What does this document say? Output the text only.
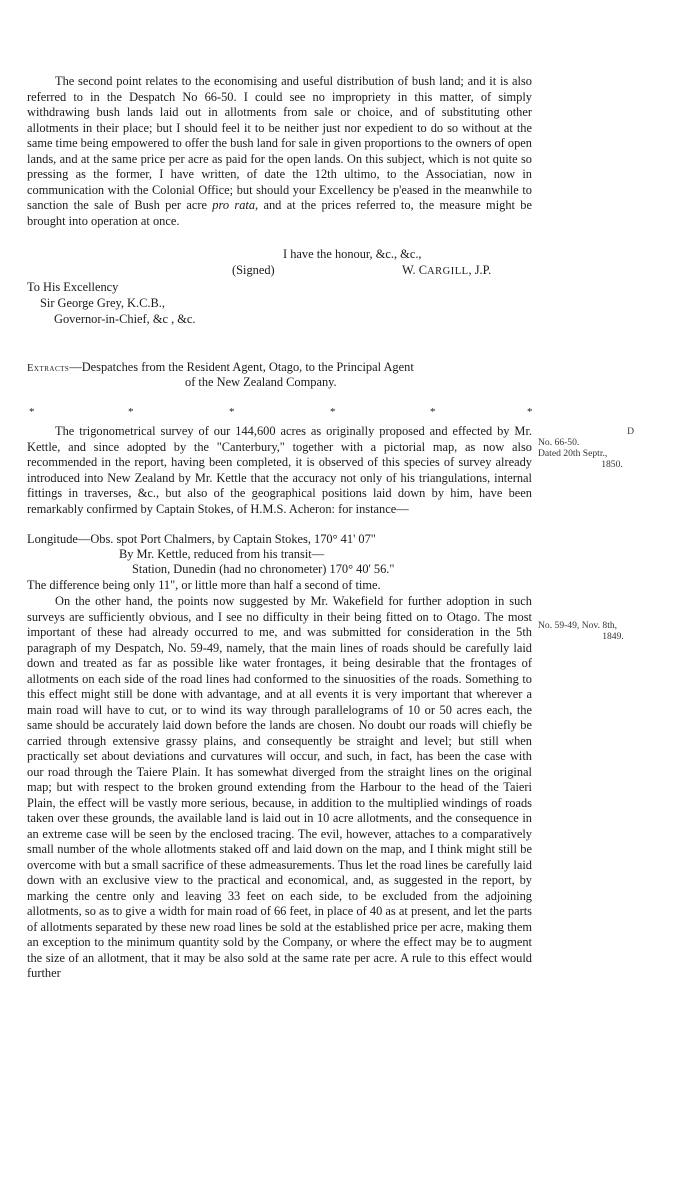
The second point relates to the economising and useful distribution of bush land; and it is also referred to in the Despatch No 66-50. I could see no impropriety in this matter, of simply withdrawing bush lands laid out in allotments from sale or choice, and of substituting other allotments in their place; but I should feel it to be neither just nor expedient to do so without at the same time being empowered to offer the bush land for sale in given proportions to the owners of open lands, and at the same price per acre as paid for the open lands. On this subject, which is not quite so pressing as the former, I have written, of date the 12th ultimo, to the Associatian, now in communication with the Colonial Office; but should your Excellency be p'eased in the meanwhile to sanction the sale of Bush per acre pro rata, and at the prices referred to, the measure might be brought into operation at once.

I have the honour, &c., &c.,
(Signed)	W. CARGILL, J.P.
To His Excellency
Sir George Grey, K.C.B.,
Governor-in-Chief, &c , &c.
Extracts—Despatches from the Resident Agent, Otago, to the Principal Agent
of the New Zealand Company.
*	*	*	*	*	*

The trigonometrical survey of our 144,600 acres as originally proposed and effected by Mr. Kettle, and since adopted by the "Canterbury," together with a pictorial map, as now also recommended in the report, having been completed, it is observed of this species of survey already introduced into New Zealand by Mr. Kettle that the accuracy not only of his triangulations, internal fittings in traverses, &c., but also of the geographical positions laid down by him, have been remarkably confirmed by Captain Stokes, of H.M.S. Acheron: for instance—

Longitude—Obs. spot Port Chalmers, by Captain Stokes, 170° 41' 07"
By Mr. Kettle, reduced from his transit—
Station, Dunedin (had no chronometer) 170° 40' 56."
The difference being only 11", or little more than half a second of time.

On the other hand, the points now suggested by Mr. Wakefield for further adoption in such surveys are sufficiently obvious, and I see no difficulty in their being fitted on to Otago. The most important of these had already occurred to me, and was submitted for consideration in the 5th paragraph of my Despatch, No. 59-49, namely, that the main lines of roads should be carefully laid down and treated as far as possible like water frontages, it being desirable that the frontages of allotments on each side of the road lines had conformed to the sinuosities of the roads. Something to this effect might still be done with advantage, and at all events it is very important that wherever a main road will have to cut, or to wind its way through parallelograms of 10 or 50 acres each, the same should be accurately laid down before the lands are chosen. No doubt our roads will chiefly be carried through extensive grassy plains, and consequently be straight and level; but still when practically set about deviations and curvatures will occur, and such, in fact, has been the case with our road through the Taiere Plain. It has somewhat diverged from the straight lines on the original map; but with respect to the broken ground extending from the Harbour to the head of the Taieri Plain, the effect will be vastly more serious, because, in addition to the multiplied windings of roads taken over these grounds, the available land is laid out in 10 acre allotments, and the consequence in an extreme case will be seen by the enclosed tracing. The evil, however, attaches to a comparatively small number of the whole allotments staked off and laid down on the map, and I think might still be overcome with but a small sacrifice of these admeasurements. Thus let the road lines be carefully laid down with an exclusive view to the practical and economical, and, as suggested in the report, by marking the centre only and leaving 33 feet on each side, to be excluded from the adjoining allotments, so as to give a width for main road of 66 feet, in place of 40 as at present, and let the parts of allotments separated by these new road lines be sold at the established price per acre, making them an exception to the minimum quantity sold by the Company, or where the effect may be to augment the size of an allotment, that it may be also sold at the same rate per acre. A rule to this effect would further

D
No. 66-50.
Dated 20th Septr.,
1850.
No. 59-49, Nov. 8th,
1849.
